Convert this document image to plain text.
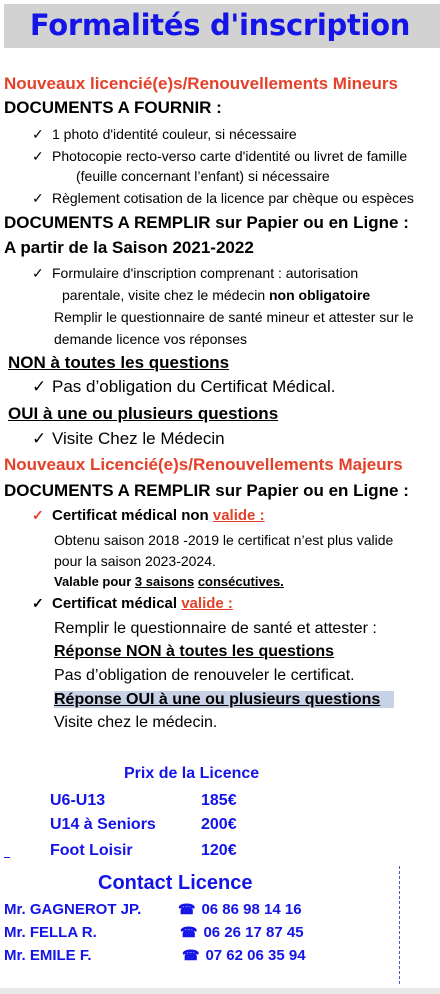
Formalités d'inscription
Nouveaux licencié(e)s/Renouvellements Mineurs
DOCUMENTS A FOURNIR :
✓ 1 photo d'identité couleur, si nécessaire
✓ Photocopie recto-verso carte d'identité ou livret de famille
(feuille concernant l’enfant) si nécessaire
✓ Règlement cotisation de la licence par chèque ou espèces
DOCUMENTS A REMPLIR sur Papier ou en Ligne :
A partir de la Saison 2021-2022
✓ Formulaire d'inscription comprenant : autorisation
parentale, visite chez le médecin non obligatoire
Remplir le questionnaire de santé mineur et attester sur le
demande licence vos réponses
NON à toutes les questions
✓ Pas d’obligation du Certificat Médical.
OUI à une ou plusieurs questions
✓ Visite Chez le Médecin
Nouveaux Licencié(e)s/Renouvellements Majeurs
DOCUMENTS A REMPLIR sur Papier ou en Ligne :
✓ Certificat médical non valide :
Obtenu saison 2018 -2019 le certificat n’est plus valide
pour la saison 2023-2024.
Valable pour 3 saisons consécutives.
✓ Certificat médical valide :
Remplir le questionnaire de santé et attester :
Réponse NON à toutes les questions
Pas d’obligation de renouveler le certificat.
Réponse OUI à une ou plusieurs questions
Visite chez le médecin.
Prix de la Licence
U6-U13	185€
U14 à Seniors	200€
Foot Loisir	120€
Contact Licence
Mr. GAGNEROT JP.	☎ 06 86 98 14 16
Mr. FELLA R.	☎ 06 26 17 87 45
Mr. EMILE F.	☎ 07 62 06 35 94
